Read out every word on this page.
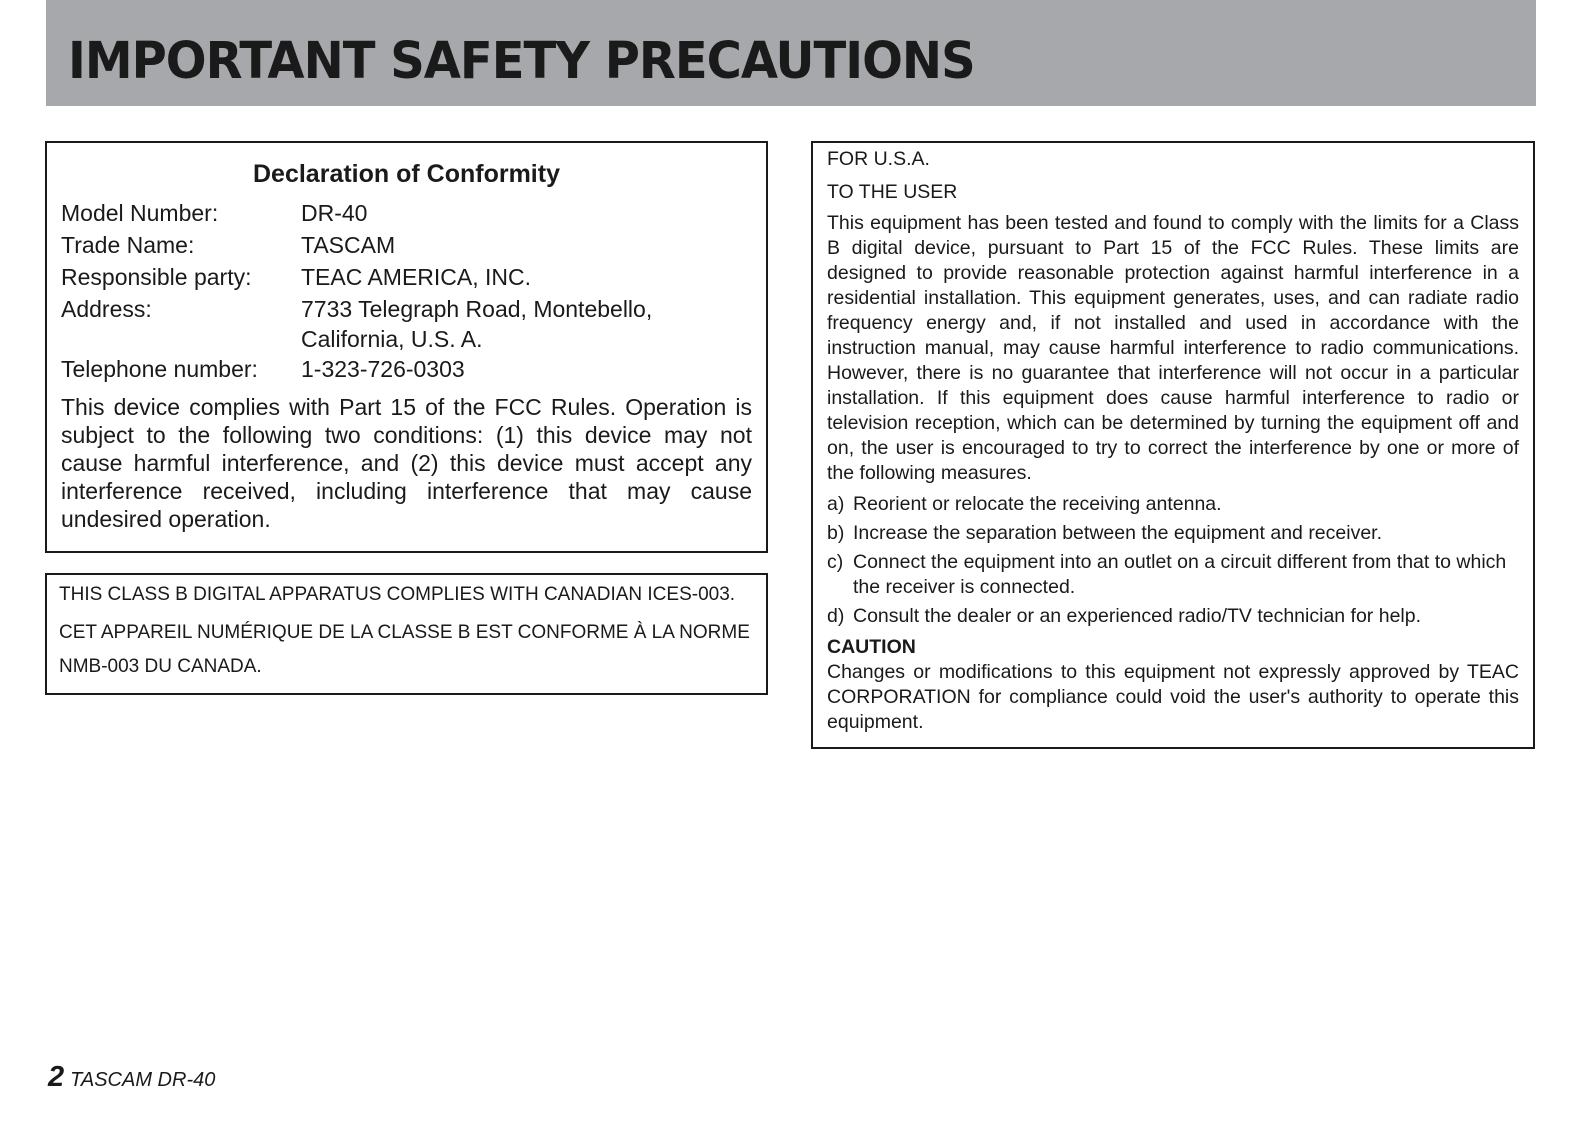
IMPORTANT SAFETY PRECAUTIONS
Declaration of Conformity
Model Number:	DR-40
Trade Name:	TASCAM
Responsible party:	TEAC AMERICA, INC.
Address:	7733 Telegraph Road, Montebello,
California, U.S. A.
Telephone number:	1-323-726-0303

This device complies with Part 15 of the FCC Rules. Operation is subject to the following two conditions: (1) this device may not cause harmful interference, and (2) this device must accept any interference received, including interference that may cause undesired operation.

THIS CLASS B DIGITAL APPARATUS COMPLIES WITH CANADIAN ICES-003.

CET APPAREIL NUMÉRIQUE DE LA CLASSE B EST CONFORME À LA NORME

NMB-003 DU CANADA.

FOR U.S.A.

TO THE USER

This equipment has been tested and found to comply with the limits for a Class B digital device, pursuant to Part 15 of the FCC Rules. These limits are designed to provide reasonable protection against harmful interference in a residential installation. This equipment generates, uses, and can radiate radio frequency energy and, if not installed and used in accordance with the instruction manual, may cause harmful interference to radio communications. However, there is no guarantee that interference will not occur in a particular installation. If this equipment does cause harmful interference to radio or television reception, which can be determined by turning the equipment off and on, the user is encouraged to try to correct the interference by one or more of the following measures.

a) Reorient or relocate the receiving antenna.
b) Increase the separation between the equipment and receiver.
c) Connect the equipment into an outlet on a circuit different from that to which the receiver is connected.
d) Consult the dealer or an experienced radio/TV technician for help.

CAUTION

Changes or modifications to this equipment not expressly approved by TEAC CORPORATION for compliance could void the user's authority to operate this equipment.

2 TASCAM DR-40
